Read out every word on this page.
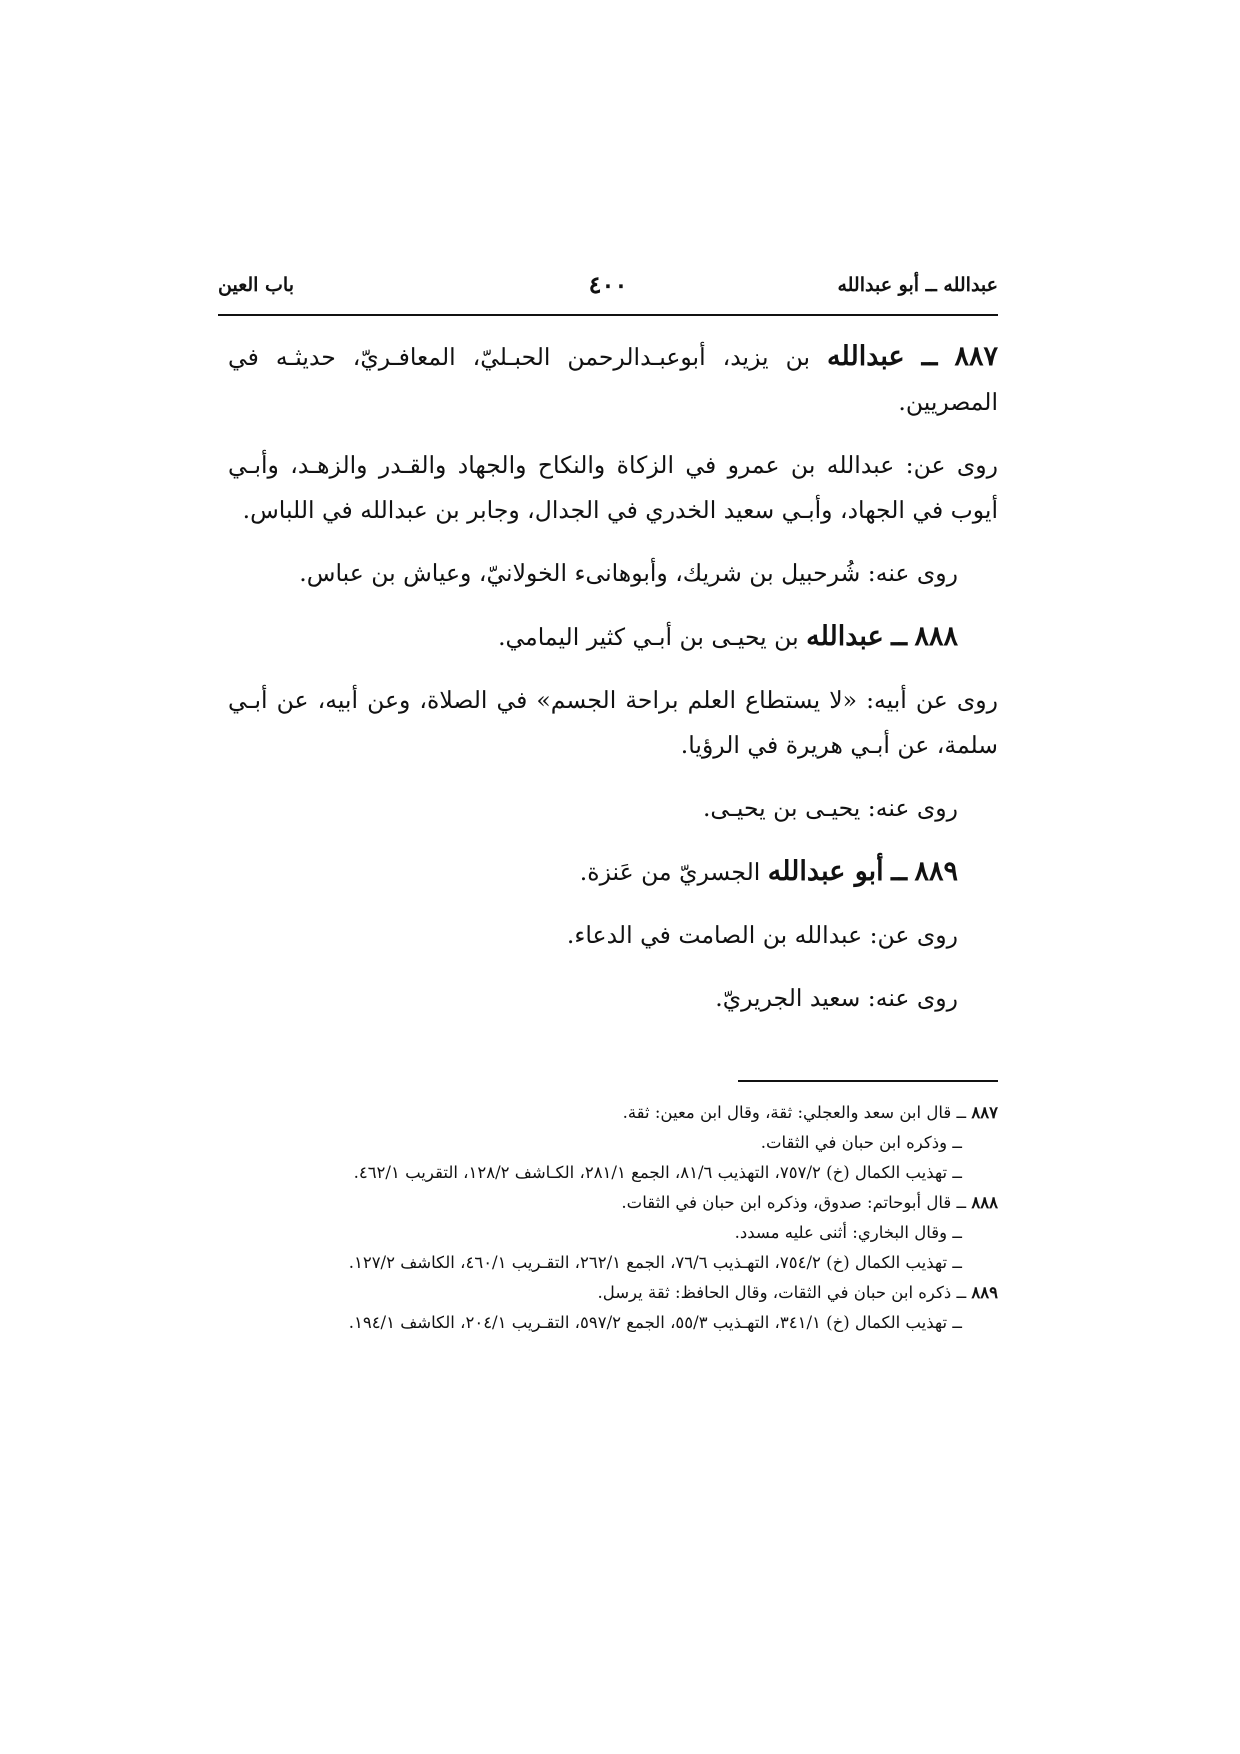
عبدالله ــ أبو عبدالله
٤٠٠
باب العين

٨٨٧ ــ عبدالله بن يزيد، أبوعبـدالرحمن الحبـليّ، المعافـريّ، حديثـه في المصريين.

روى عن: عبدالله بن عمرو في الزكاة والنكاح والجهاد والقـدر والزهـد، وأبـي أيوب في الجهاد، وأبـي سعيد الخدري في الجدال، وجابر بن عبدالله في اللباس.

روى عنه: شُرحبيل بن شريك، وأبوهانىء الخولانيّ، وعياش بن عباس.

٨٨٨ ــ عبدالله بن يحيـى بن أبـي كثير اليمامي.

روى عن أبيه: «لا يستطاع العلم براحة الجسم» في الصلاة، وعن أبيه، عن أبـي سلمة، عن أبـي هريرة في الرؤيا.

روى عنه: يحيـى بن يحيـى.

٨٨٩ ــ أبو عبدالله الجسريّ من عَنزة.

روى عن: عبدالله بن الصامت في الدعاء.

روى عنه: سعيد الجريريّ.

٨٨٧ ــ قال ابن سعد والعجلي: ثقة، وقال ابن معين: ثقة.

ــ وذكره ابن حبان في الثقات.

ــ تهذيب الكمال (خ) ٧٥٧/٢، التهذيب ٨١/٦، الجمع ٢٨١/١، الكـاشف ١٢٨/٢، التقريب ٤٦٢/١.

٨٨٨ ــ قال أبوحاتم: صدوق، وذكره ابن حبان في الثقات.

ــ وقال البخاري: أثنى عليه مسدد.

ــ تهذيب الكمال (خ) ٧٥٤/٢، التهـذيب ٧٦/٦، الجمع ٢٦٢/١، التقـريب ٤٦٠/١، الكاشف ١٢٧/٢.

٨٨٩ ــ ذكره ابن حبان في الثقات، وقال الحافظ: ثقة يرسل.

ــ تهذيب الكمال (خ) ٣٤١/١، التهـذيب ٥٥/٣، الجمع ٥٩٧/٢، التقـريب ٢٠٤/١، الكاشف ١٩٤/١.
